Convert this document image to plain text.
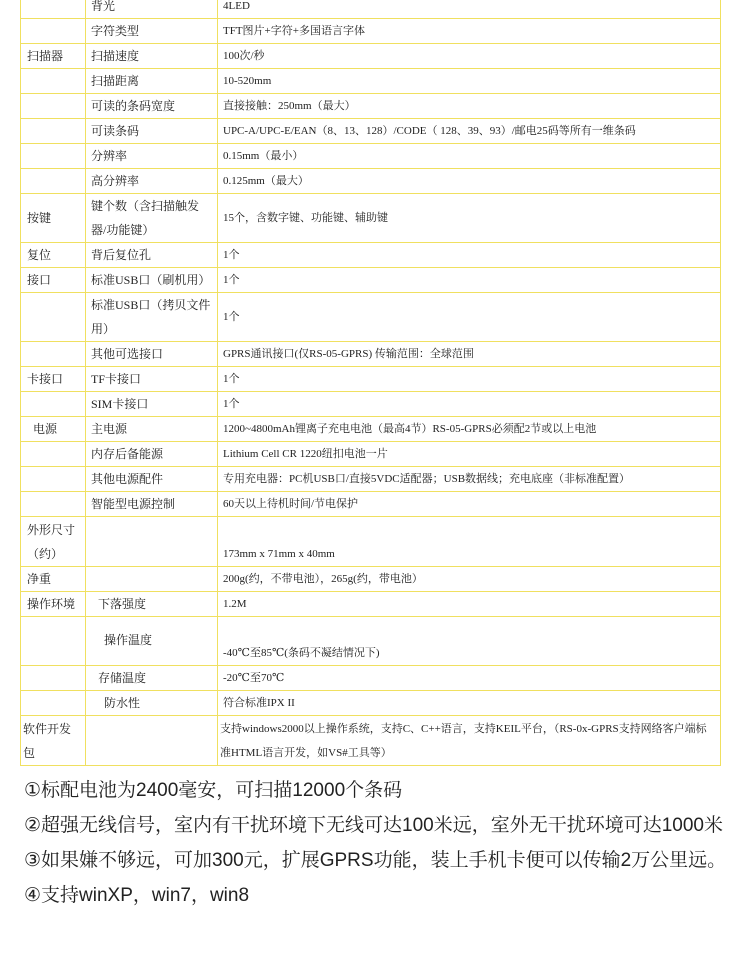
	背光	4LED
	字符类型	TFT图片+字符+多国语言字体
扫描器	扫描速度	100次/秒
	扫描距离	10-520mm
	可读的条码宽度	直接接触：250mm（最大）
	可读条码	UPC-A/UPC-E/EAN（8、13、128）/CODE（ 128、39、93）/邮电25码等所有一维条码
	分辨率	0.15mm（最小）
	高分辨率	0.125mm（最大）
按键	键个数（含扫描触发器/功能键）	15个，含数字键、功能键、辅助键
复位	背后复位孔	1个
接口	标准USB口（刷机用）	1个
	标准USB口（拷贝文件用）	1个
	其他可选接口	GPRS通讯接口(仅RS-05-GPRS) 传输范围：全球范围
卡接口	TF卡接口	1个
	SIM卡接口	1个
电源	主电源	1200~4800mAh锂离子充电电池（最高4节）RS-05-GPRS必须配2节或以上电池
	内存后备能源	Lithium Cell CR 1220纽扣电池一片
	其他电源配件	专用充电器：PC机USB口/直接5VDC适配器；USB数据线；充电底座（非标准配置）
	智能型电源控制	60天以上待机时间/节电保护
外形尺寸（约）		173mm x 71mm x 40mm
净重		200g(约，不带电池），265g(约，带电池）
操作环境	下落强度	1.2M
	操作温度	-40℃至85℃(条码不凝结情况下)
	存储温度	-20℃至70℃
	防水性	符合标准IPX II
软件开发包		支持windows2000以上操作系统，支持C、C++语言，支持KEIL平台，（RS-0x-GPRS支持网络客户端标准HTML语言开发，如VS#工具等）

①标配电池为2400毫安，可扫描12000个条码

②超强无线信号，室内有干扰环境下无线可达100米远，室外无干扰环境可达1000米

③如果嫌不够远，可加300元，扩展GPRS功能，装上手机卡便可以传输2万公里远。

④支持winXP，win7，win8
